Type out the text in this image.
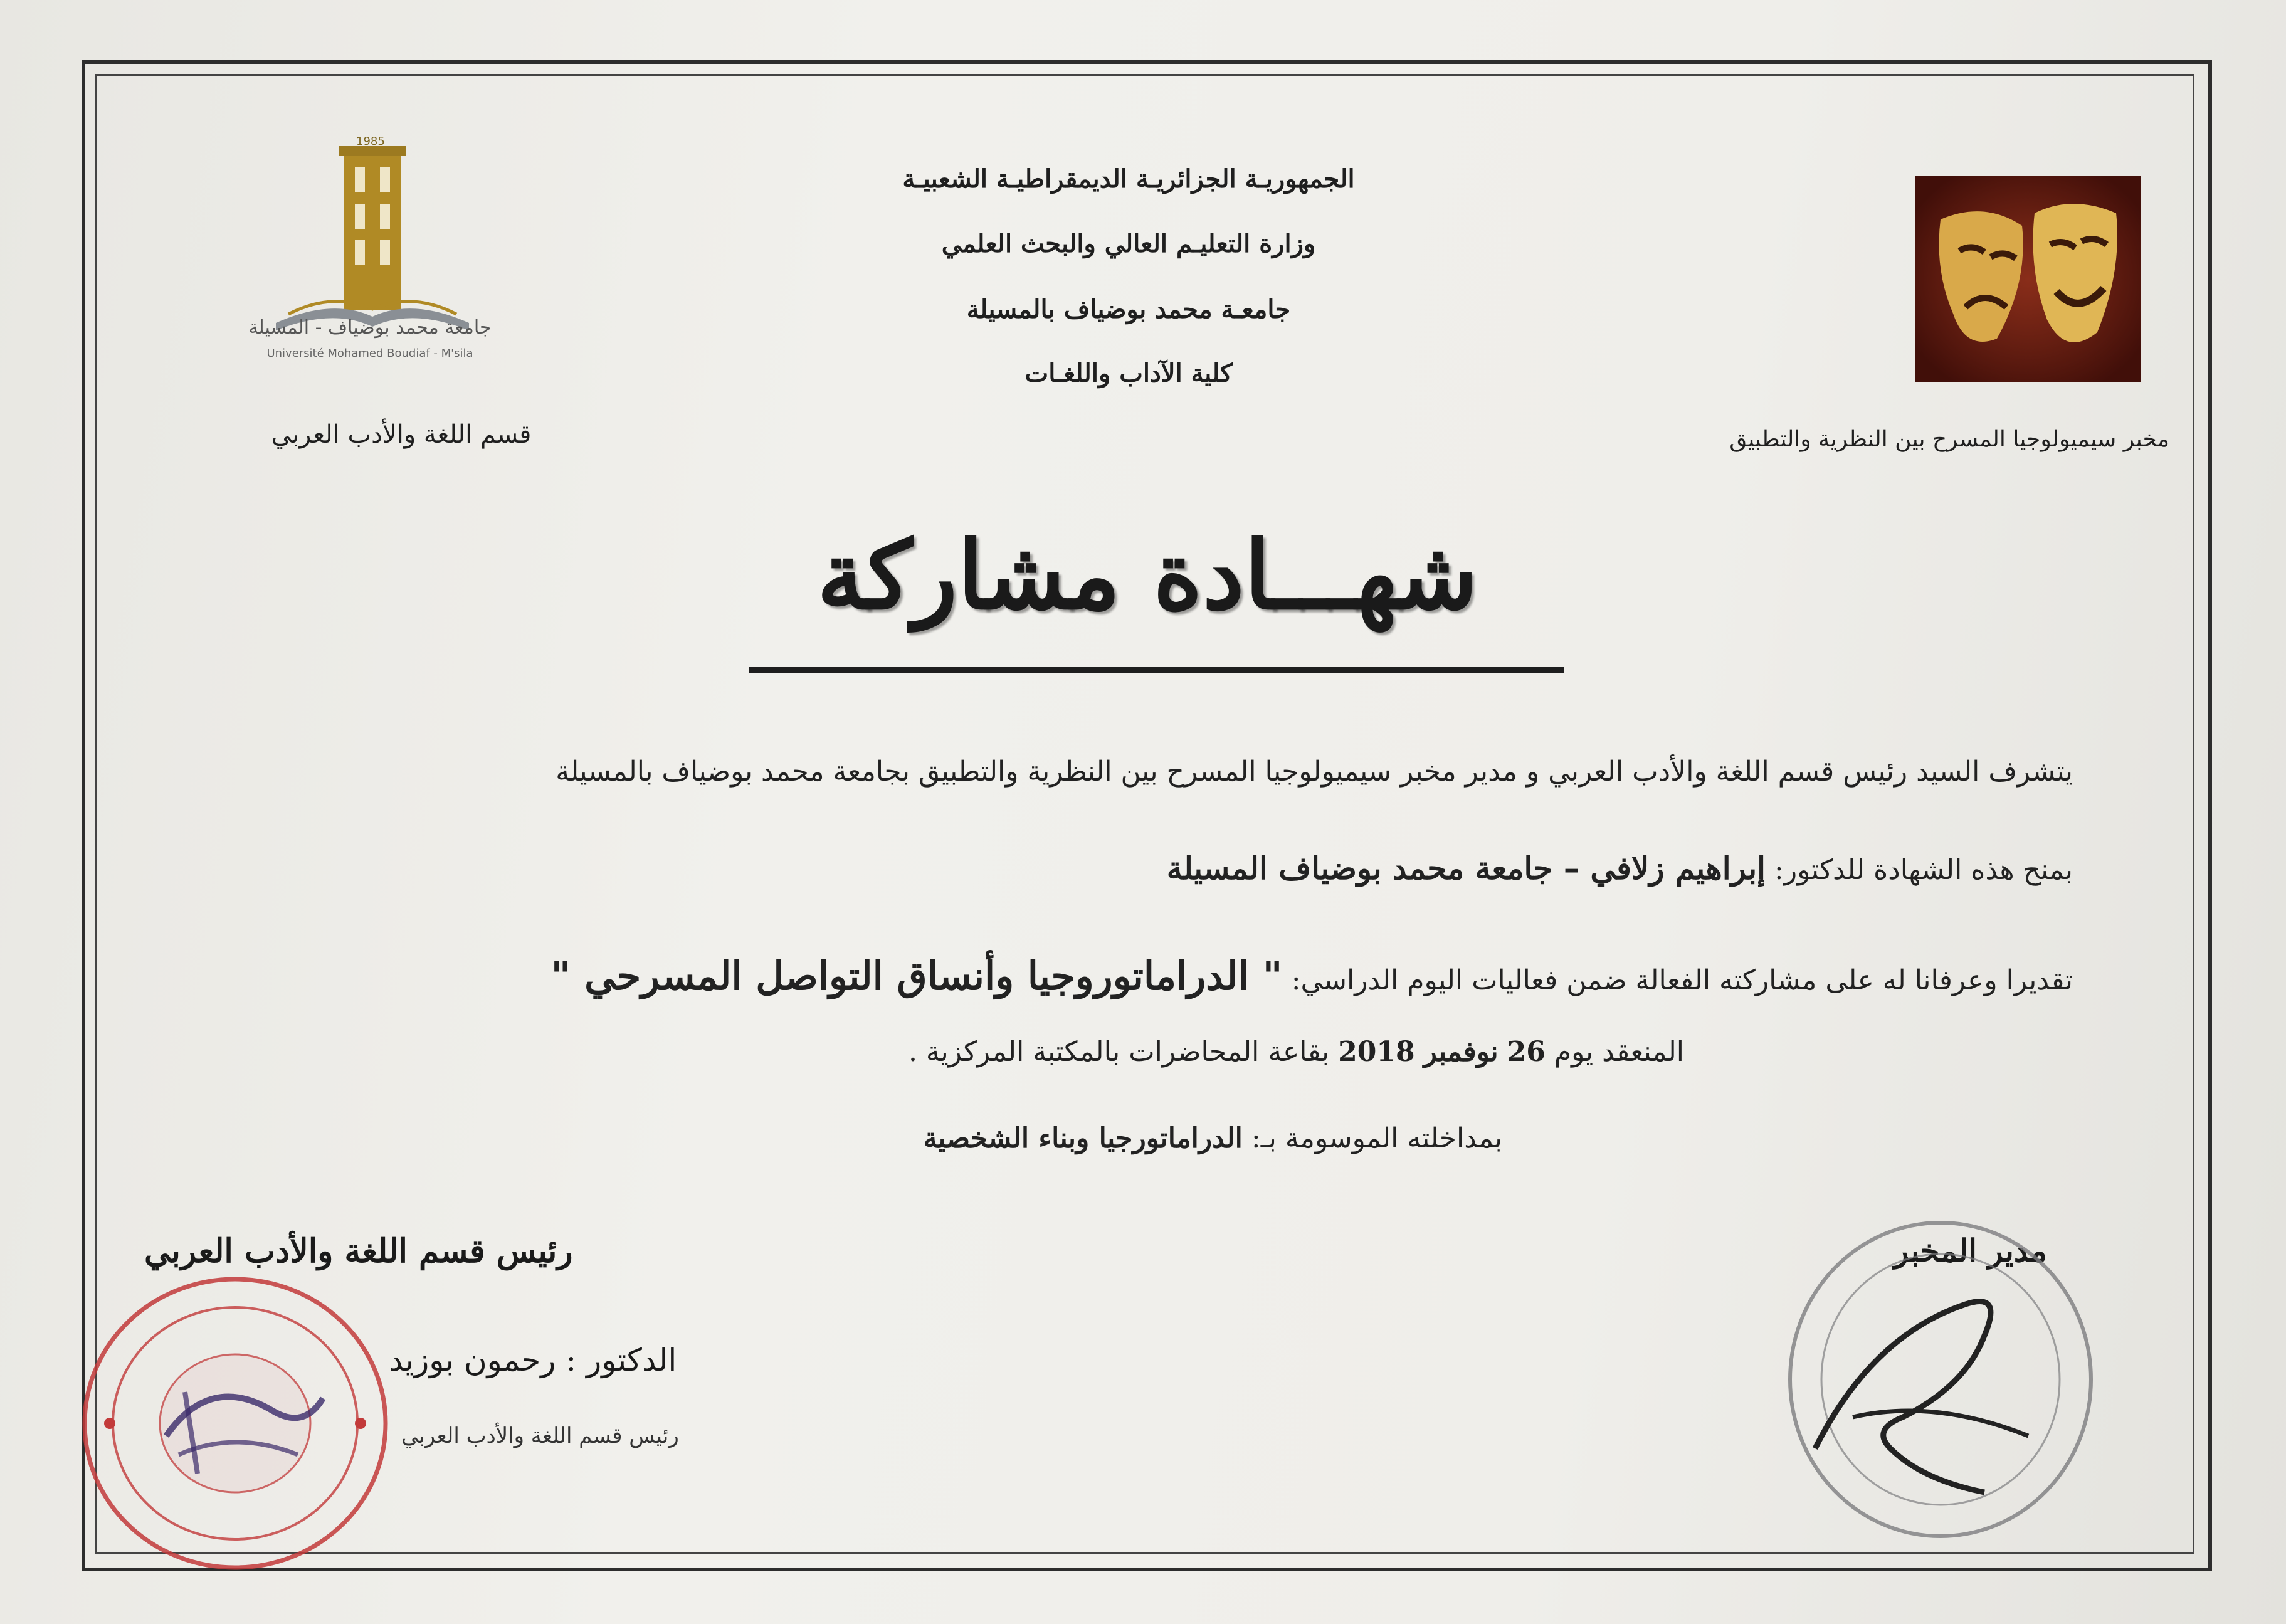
1985
جامعة محمد بوضياف - المسيلة
Université Mohamed Boudiaf - M'sila
قسم اللغة والأدب العربي
الجمهوريـة الجزائريـة الديمقراطيـة الشعبيـة
وزارة التعليـم العالي والبحث العلمي
جامعـة محمد بوضياف بالمسيلة
كلية الآداب واللغـات
مخبر سيميولوجيا المسرح بين النظرية والتطبيق
شهـــادة مشاركة
يتشرف السيد رئيس قسم اللغة والأدب العربي و مدير مخبر سيميولوجيا المسرح بين النظرية والتطبيق بجامعة محمد بوضياف بالمسيلة
بمنح هذه الشهادة للدكتور: إبراهيم زلافي – جامعة محمد بوضياف المسيلة
تقديرا وعرفانا له على مشاركته الفعالة ضمن فعاليات اليوم الدراسي: " الدراماتوروجيا وأنساق التواصل المسرحي "
المنعقد يوم 26 نوفمبر 2018 بقاعة المحاضرات بالمكتبة المركزية .
بمداخلته الموسومة بـ: الدراماتورجيا وبناء الشخصية
رئيس قسم اللغة والأدب العربي	مدير المخبر
الدكتور : رحمون بوزيد
رئيس قسم اللغة والأدب العربي
